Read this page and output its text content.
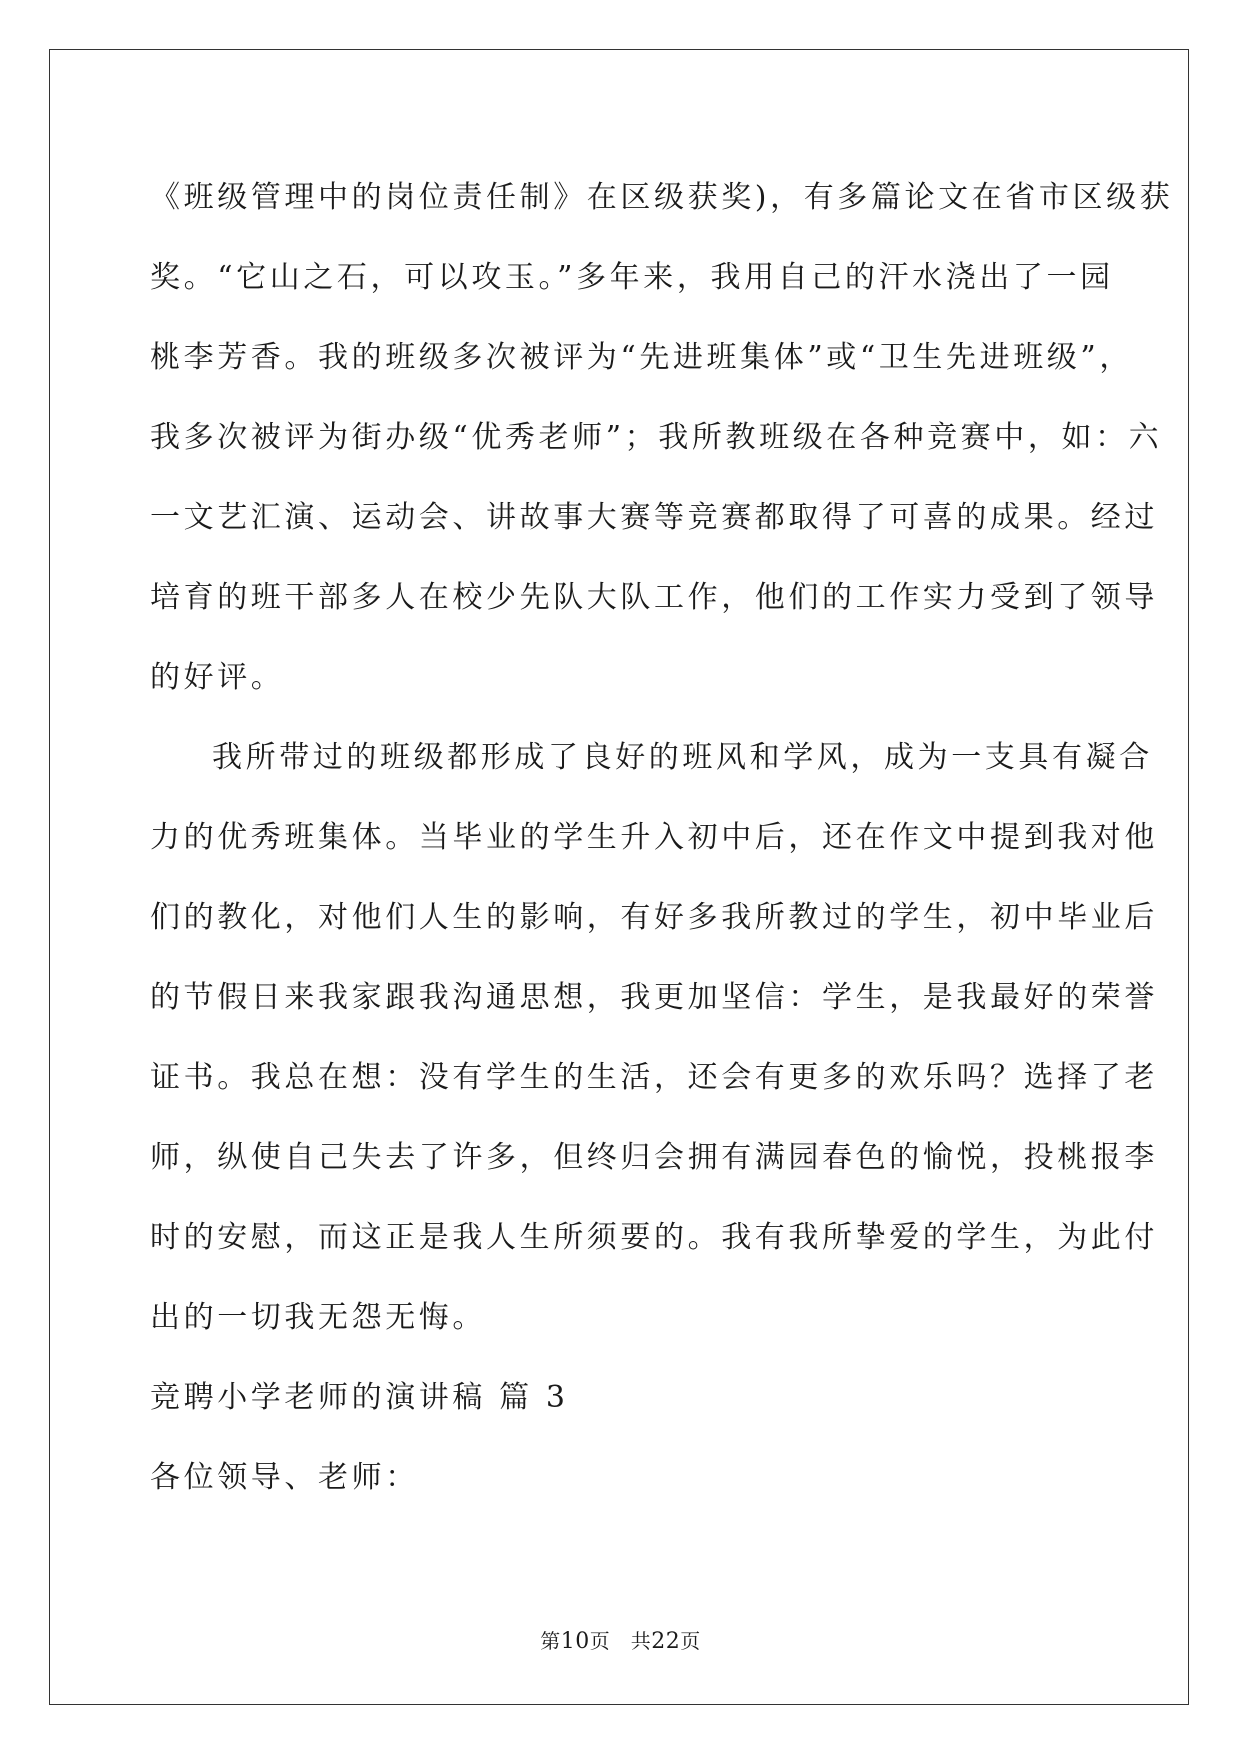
《班级管理中的岗位责任制》在区级获奖)，有多篇论文在省市区级获
奖。“它山之石，可以攻玉。”多年来，我用自己的汗水浇出了一园
桃李芳香。我的班级多次被评为“先进班集体”或“卫生先进班级”，
我多次被评为街办级“优秀老师”；我所教班级在各种竞赛中，如：六
一文艺汇演、运动会、讲故事大赛等竞赛都取得了可喜的成果。经过
培育的班干部多人在校少先队大队工作，他们的工作实力受到了领导
的好评。
我所带过的班级都形成了良好的班风和学风，成为一支具有凝合
力的优秀班集体。当毕业的学生升入初中后，还在作文中提到我对他
们的教化，对他们人生的影响，有好多我所教过的学生，初中毕业后
的节假日来我家跟我沟通思想，我更加坚信：学生，是我最好的荣誉
证书。我总在想：没有学生的生活，还会有更多的欢乐吗？选择了老
师，纵使自己失去了许多，但终归会拥有满园春色的愉悦，投桃报李
时的安慰，而这正是我人生所须要的。我有我所挚爱的学生，为此付
出的一切我无怨无悔。
竞聘小学老师的演讲稿 篇 3
各位领导、老师：
第10页　共22页
